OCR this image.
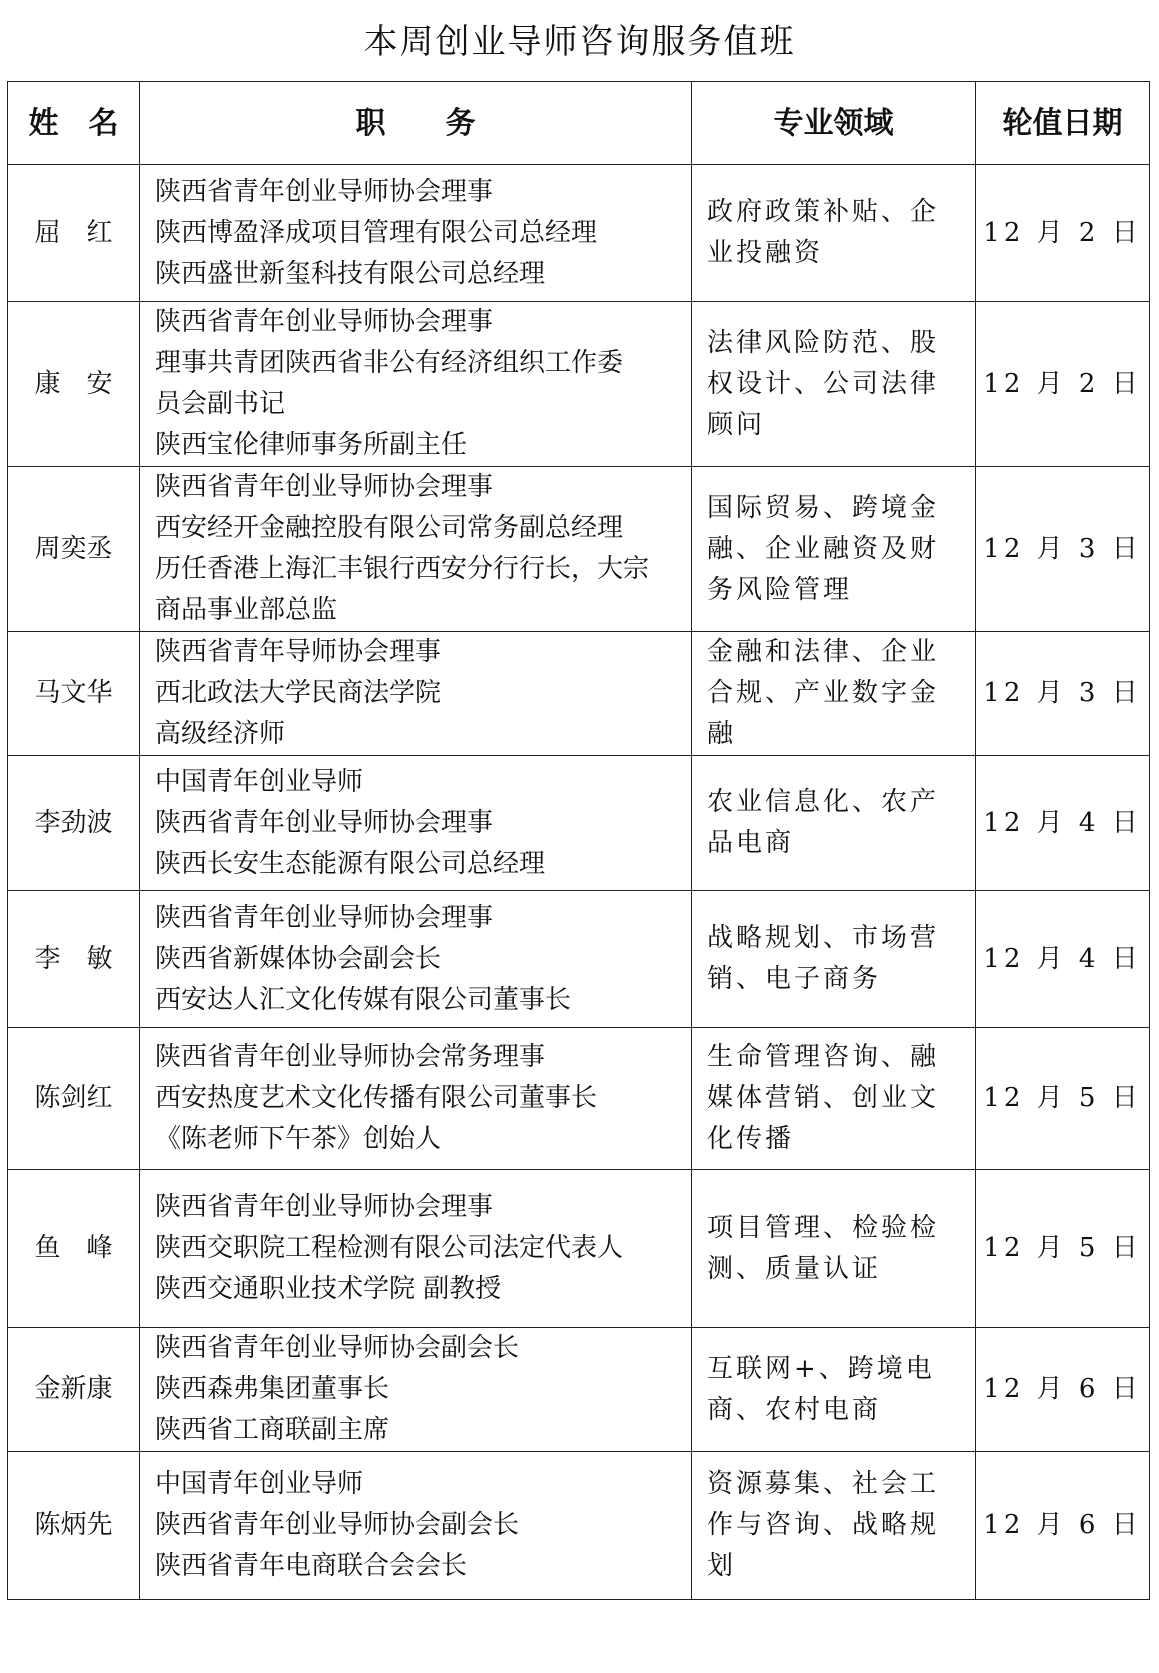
本周创业导师咨询服务值班
姓　名	职　　务	专业领域	轮值日期
屈　红	陕西省青年创业导师协会理事
陕西博盈泽成项目管理有限公司总经理
陕西盛世新玺科技有限公司总经理	政府政策补贴、企业投融资	12 月 2 日
康　安	陕西省青年创业导师协会理事
理事共青团陕西省非公有经济组织工作委
员会副书记
陕西宝伦律师事务所副主任	法律风险防范、股权设计、公司法律顾问	12 月 2 日
周奕丞	陕西省青年创业导师协会理事
西安经开金融控股有限公司常务副总经理
历任香港上海汇丰银行西安分行行长，大宗
商品事业部总监	国际贸易、跨境金融、企业融资及财务风险管理	12 月 3 日
马文华	陕西省青年导师协会理事
西北政法大学民商法学院
高级经济师	金融和法律、企业合规、产业数字金融	12 月 3 日
李劲波	中国青年创业导师
陕西省青年创业导师协会理事
陕西长安生态能源有限公司总经理	农业信息化、农产品电商	12 月 4 日
李　敏	陕西省青年创业导师协会理事
陕西省新媒体协会副会长
西安达人汇文化传媒有限公司董事长	战略规划、市场营销、电子商务	12 月 4 日
陈剑红	陕西省青年创业导师协会常务理事
西安热度艺术文化传播有限公司董事长
《陈老师下午茶》创始人	生命管理咨询、融媒体营销、创业文化传播	12 月 5 日
鱼　峰	陕西省青年创业导师协会理事
陕西交职院工程检测有限公司法定代表人
陕西交通职业技术学院 副教授	项目管理、检验检测、质量认证	12 月 5 日
金新康	陕西省青年创业导师协会副会长
陕西森弗集团董事长
陕西省工商联副主席	互联网+、跨境电商、农村电商	12 月 6 日
陈炳先	中国青年创业导师
陕西省青年创业导师协会副会长
陕西省青年电商联合会会长	资源募集、社会工作与咨询、战略规划	12 月 6 日
